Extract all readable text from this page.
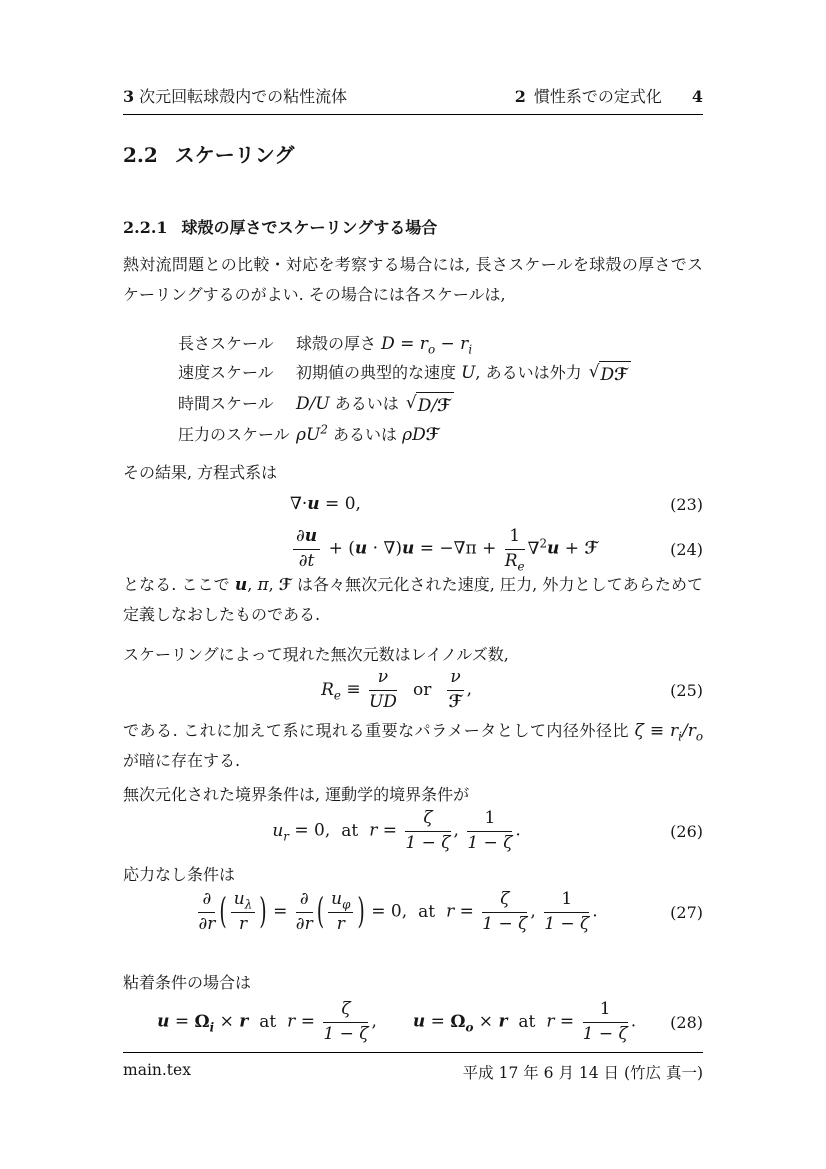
3 次元回転球殻内での粘性流体	2 慣性系での定式化 4
2.2 スケーリング
2.2.1 球殻の厚さでスケーリングする場合
熱対流問題との比較・対応を考察する場合には, 長さスケールを球殻の厚さでスケーリングするのがよい. その場合には各スケールは,
長さスケール	球殻の厚さ $D = r_o - r_i$
速度スケール	初期値の典型的な速度 U, あるいは外力 √ Dℱ
時間スケール	D/U あるいは √ D/ℱ
圧力のスケール $\rho U^2$ あるいは ρDℱ
その結果, 方程式系は
∇·u = 0,	(23)
$\frac{\partial u}{\partial t} + (u \cdot \nabla)u = -\nabla\pi + \frac{1}{R_e} \nabla^2u$ + ℱ	(24)
となる. ここで u, π, ℱ は各々無次元化された速度, 圧力, 外力としてあらためて定義しなおしたものである.
スケーリングによって現れた無次元数はレイノルズ数,
$R_e \equiv \frac{\nu}{UD}$ or $\frac{\nu}{\text{ℱ}}$ ,	(25)
である. これに加えて系に現れる重要なパラメータとして内径外径比 $\zeta \equiv r_i/r_o$ が暗に存在する.
無次元化された境界条件は, 運動学的境界条件が
$u_r = 0$, at $r = \frac{\zeta}{1 - \zeta}$ , $\frac{1}{1 - \zeta}$ .	(26)
応力なし条件は
$\frac{\partial}{\partial r}$ ( $\frac{u_\lambda}{r}$ ) = $\frac{\partial}{\partial r}$ ( $\frac{u_\varphi}{r}$ ) = 0, at $r = \frac{\zeta}{1 - \zeta}$ , $\frac{1}{1 - \zeta}$ .	(27)
粘着条件の場合は
$u = \Omega_i \times r$ at $r = \frac{\zeta}{1 - \zeta}$ , $u = \Omega_o \times r$ at $r = \frac{1}{1 - \zeta}$ .	(28)
main.tex	平成 17 年 6 月 14 日 (竹広 真一)
